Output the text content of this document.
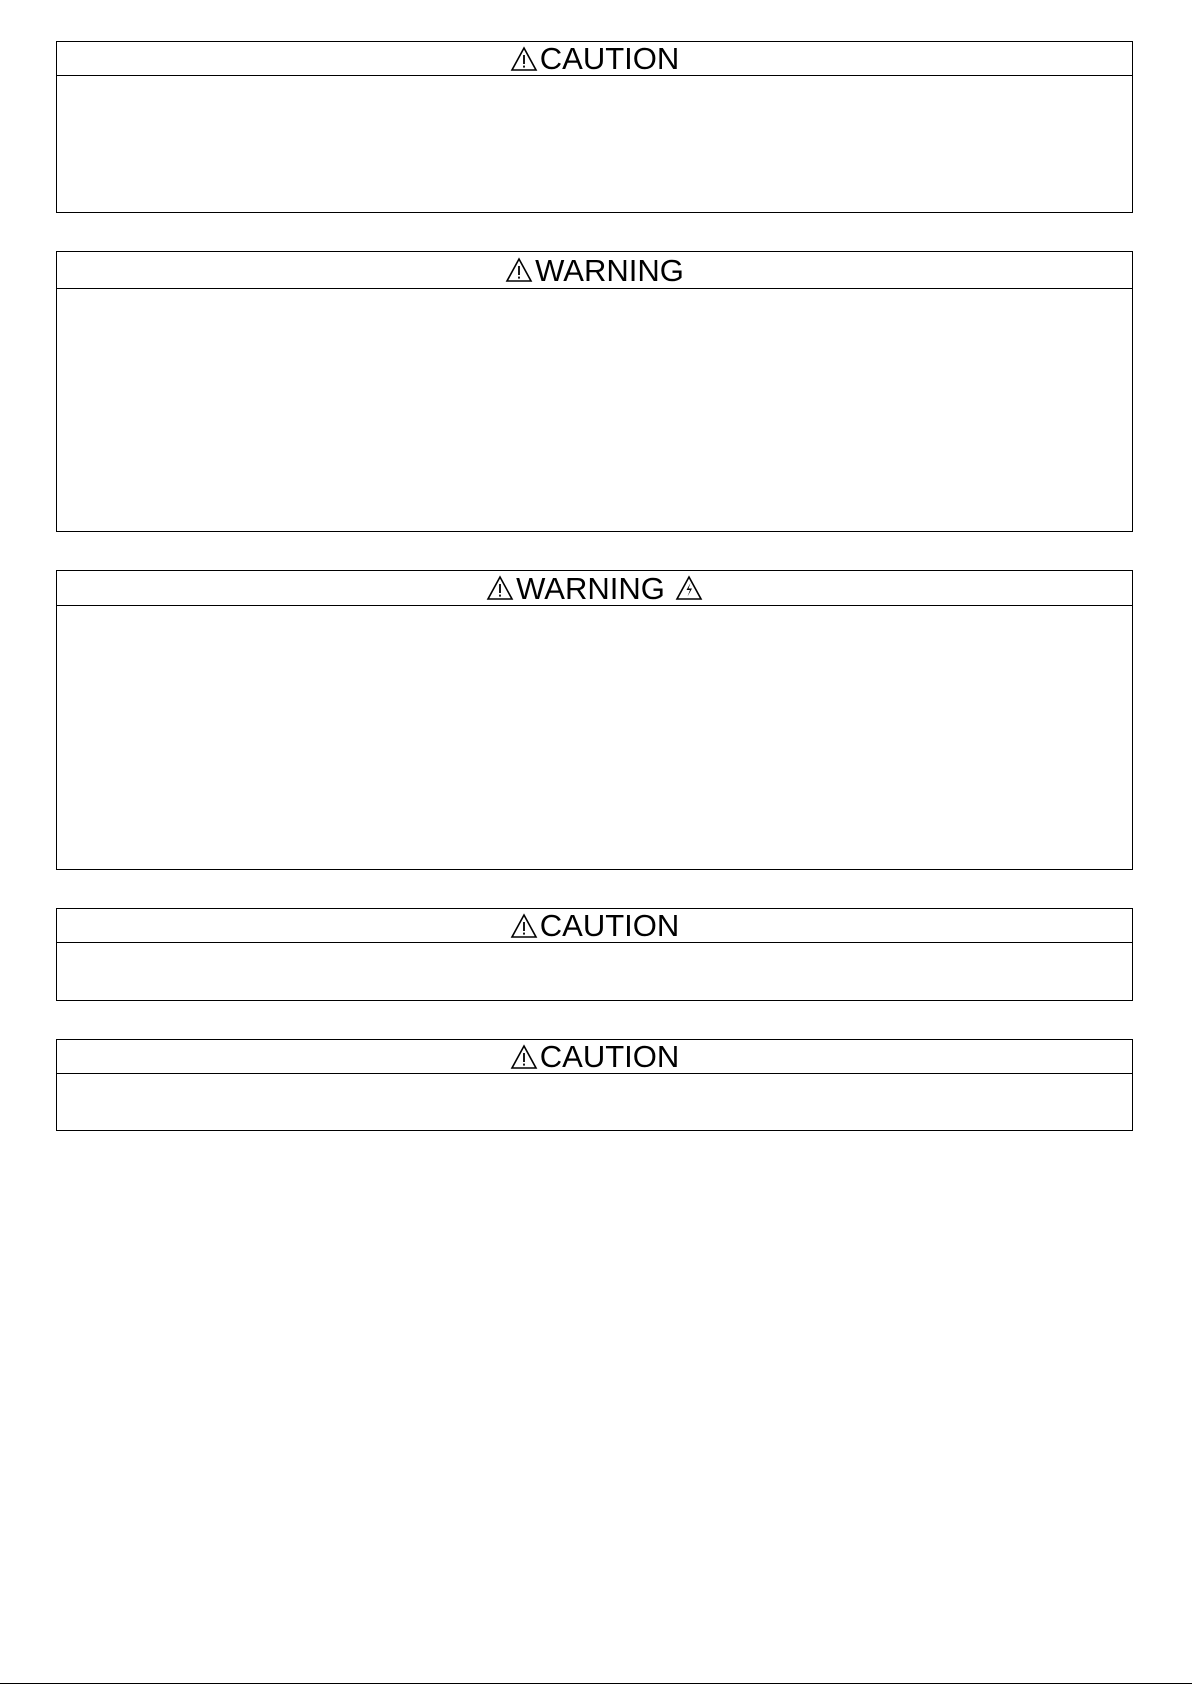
CAUTION
WARNING
WARNING
CAUTION
CAUTION
